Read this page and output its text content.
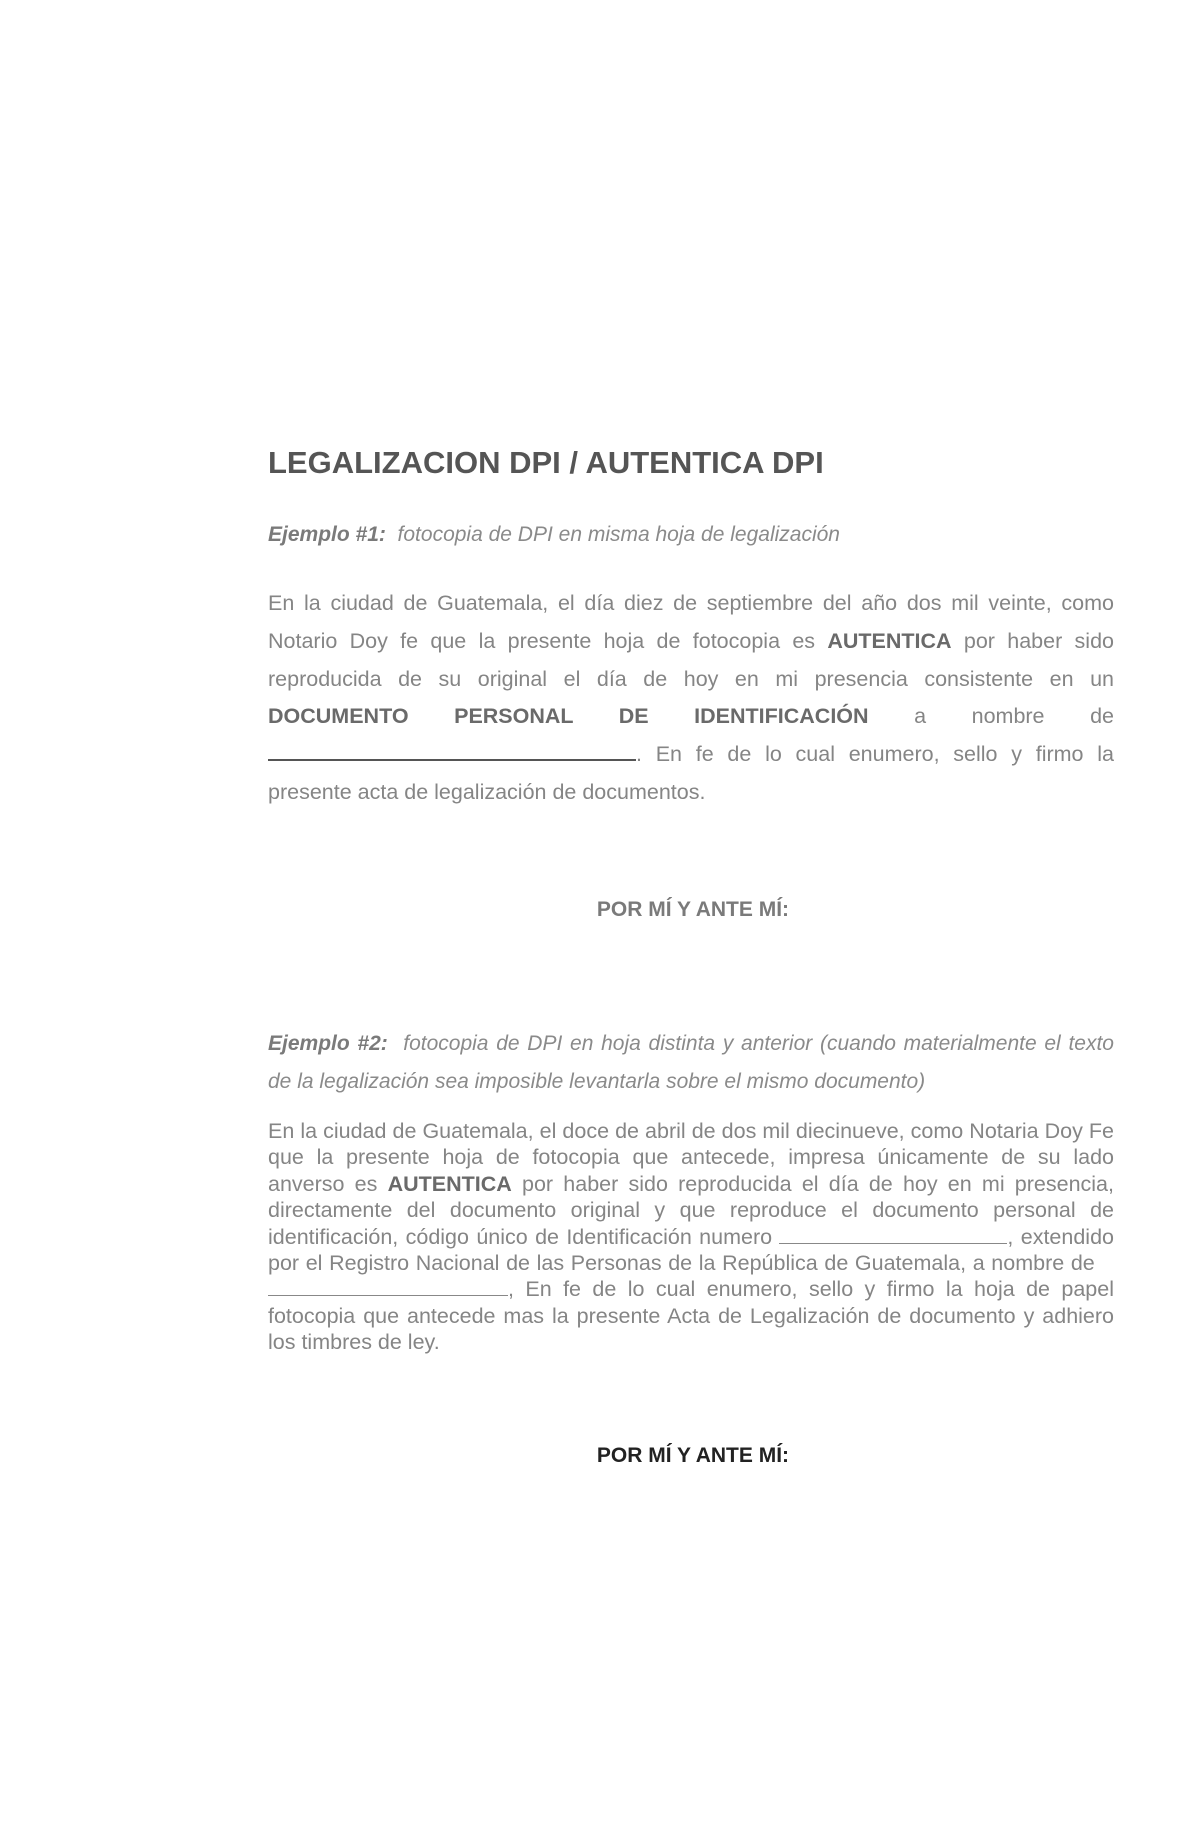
LEGALIZACION DPI / AUTENTICA DPI

Ejemplo #1: fotocopia de DPI en misma hoja de legalización

En la ciudad de Guatemala, el día diez de septiembre del año dos mil veinte, como Notario Doy fe que la presente hoja de fotocopia es AUTENTICA por haber sido reproducida de su original el día de hoy en mi presencia consistente en un DOCUMENTO PERSONAL DE IDENTIFICACIÓN a nombre de . En fe de lo cual enumero, sello y firmo la presente acta de legalización de documentos.

POR MÍ Y ANTE MÍ:

Ejemplo #2: fotocopia de DPI en hoja distinta y anterior (cuando materialmente el texto de la legalización sea imposible levantarla sobre el mismo documento)

En la ciudad de Guatemala, el doce de abril de dos mil diecinueve, como Notaria Doy Fe que la presente hoja de fotocopia que antecede, impresa únicamente de su lado anverso es AUTENTICA por haber sido reproducida el día de hoy en mi presencia, directamente del documento original y que reproduce el documento personal de identificación, código único de Identificación numero	, extendido por el Registro Nacional de las Personas de la República de Guatemala, a nombre de   , En fe de lo cual enumero, sello y firmo la hoja de papel fotocopia que antecede mas la presente Acta de Legalización de documento y adhiero los timbres de ley.

POR MÍ Y ANTE MÍ:
